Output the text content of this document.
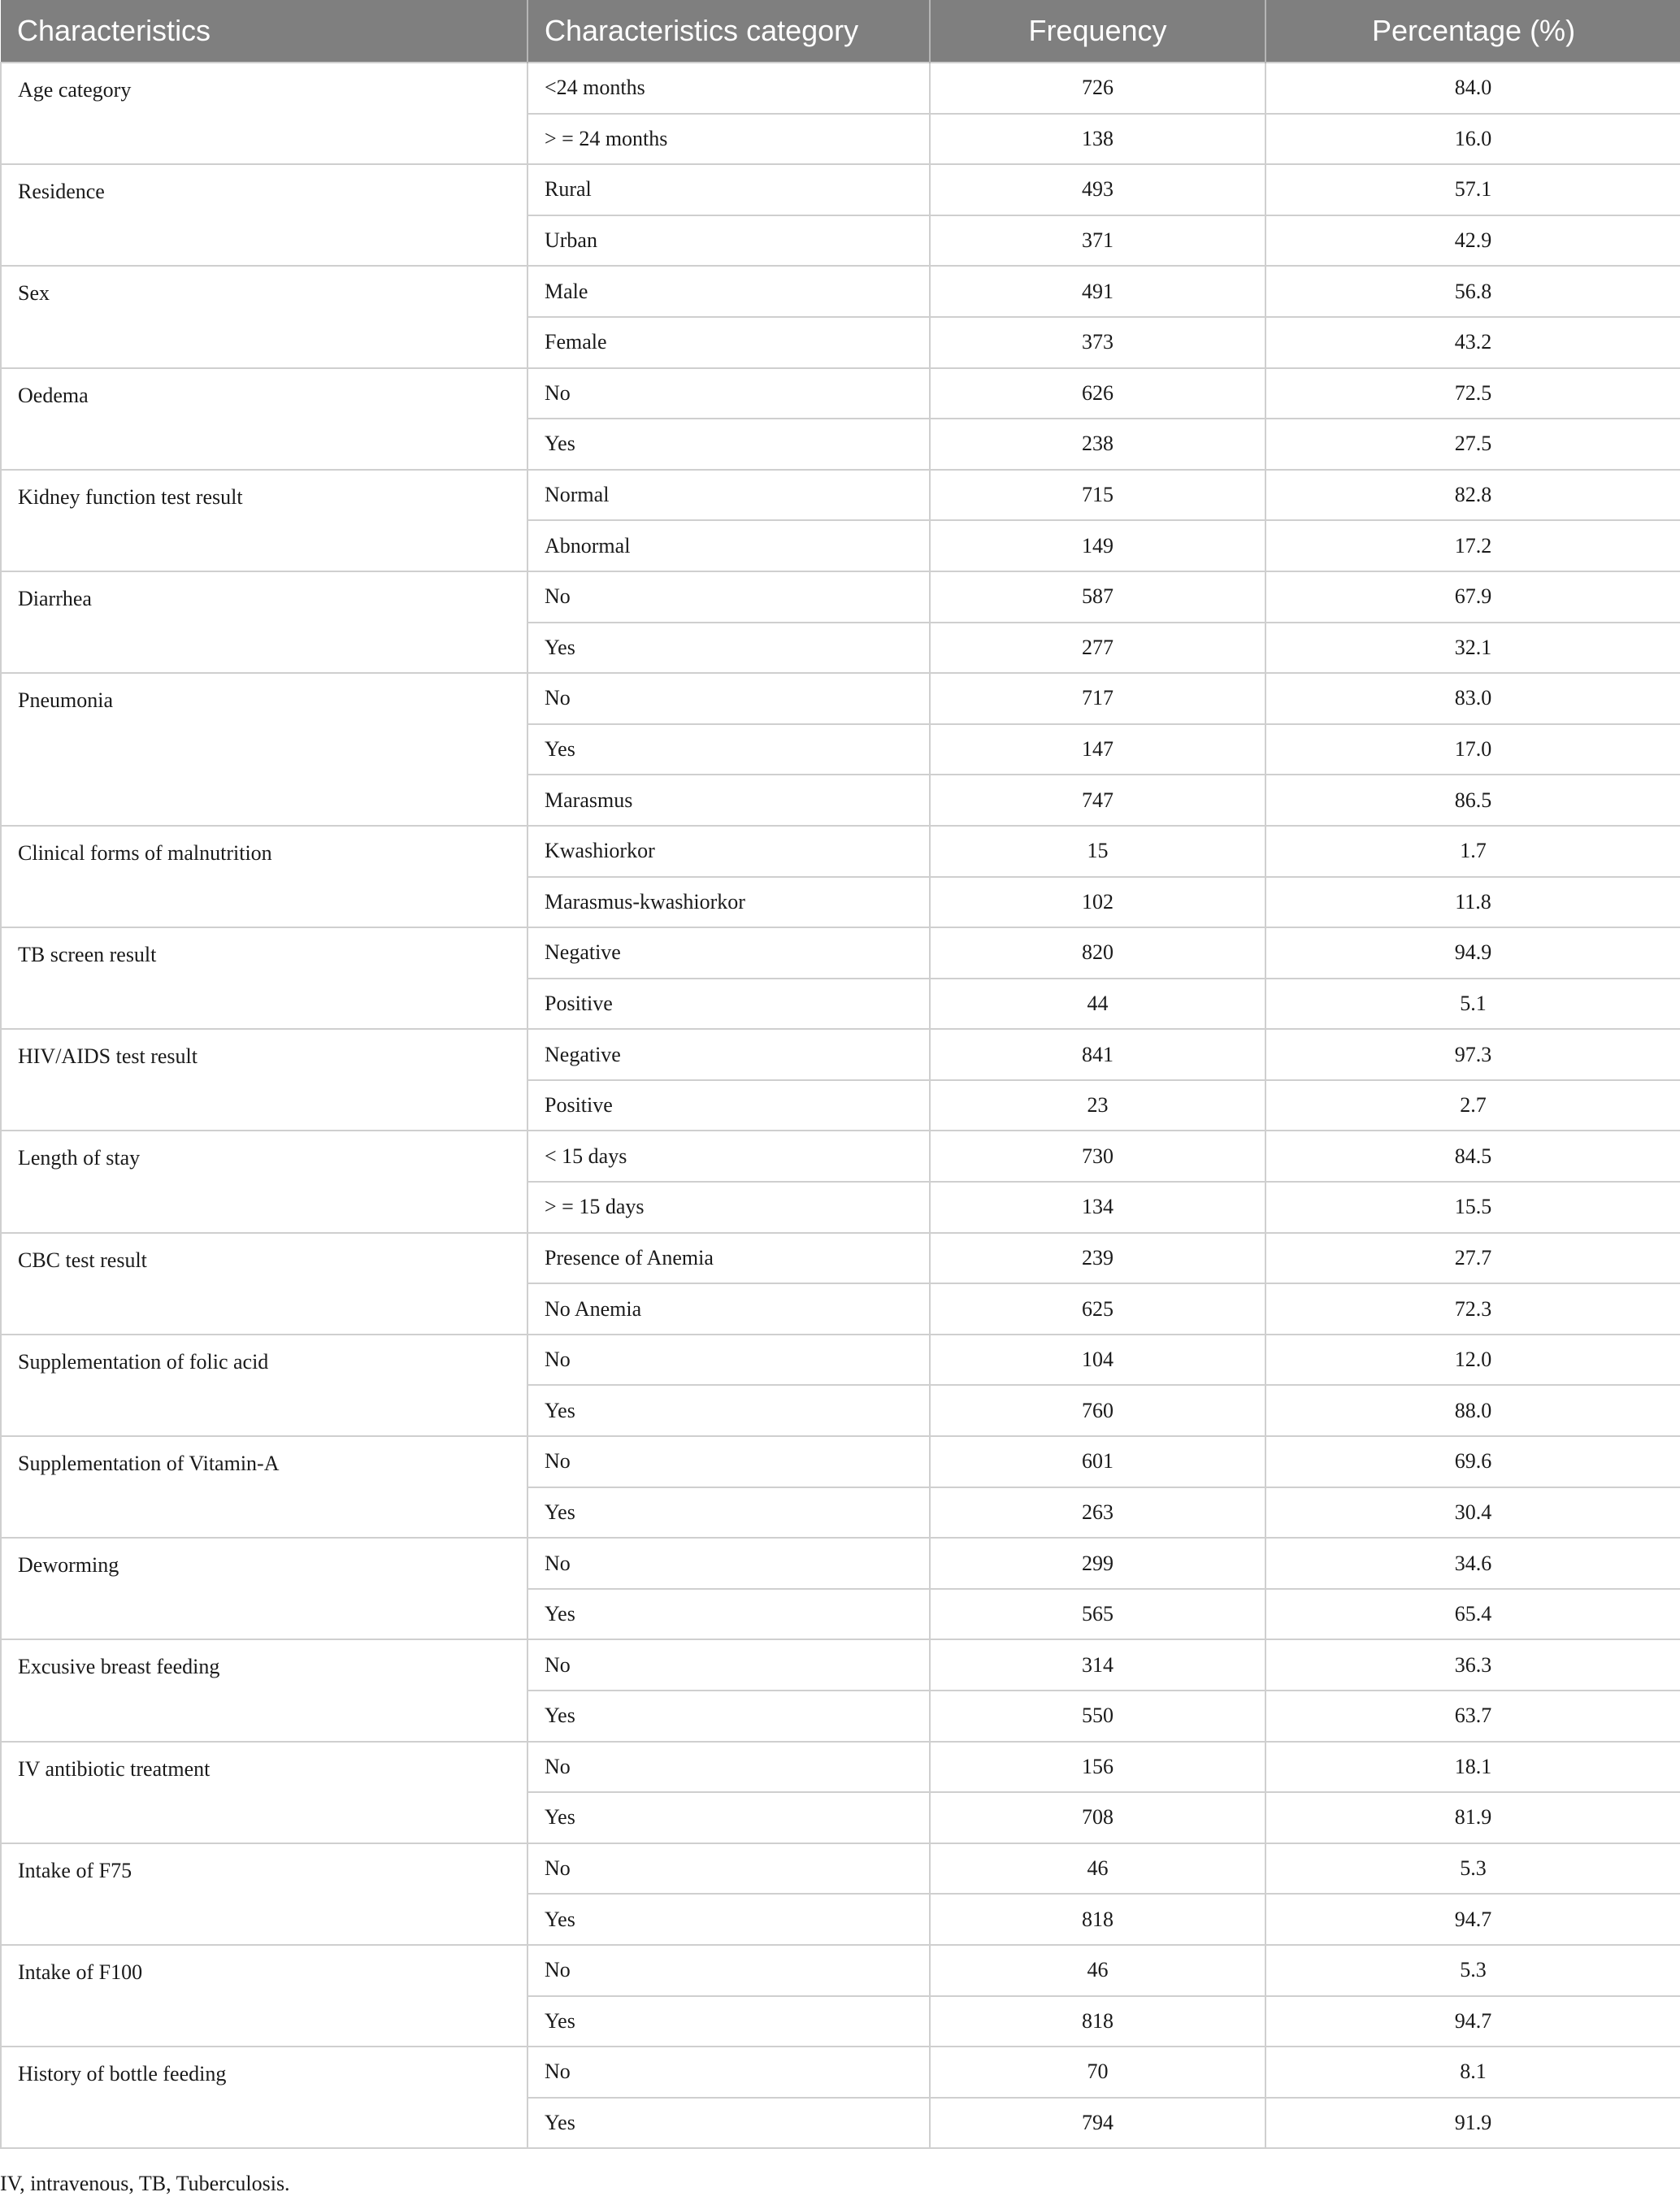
Characteristics	Characteristics category	Frequency	Percentage (%)
Age category	<24 months	726	84.0
	> = 24 months	138	16.0
Residence	Rural	493	57.1
	Urban	371	42.9
Sex	Male	491	56.8
	Female	373	43.2
Oedema	No	626	72.5
	Yes	238	27.5
Kidney function test result	Normal	715	82.8
	Abnormal	149	17.2
Diarrhea	No	587	67.9
	Yes	277	32.1
Pneumonia	No	717	83.0
	Yes	147	17.0
	Marasmus	747	86.5
Clinical forms of malnutrition	Kwashiorkor	15	1.7
	Marasmus-kwashiorkor	102	11.8
TB screen result	Negative	820	94.9
	Positive	44	5.1
HIV/AIDS test result	Negative	841	97.3
	Positive	23	2.7
Length of stay	< 15 days	730	84.5
	> = 15 days	134	15.5
CBC test result	Presence of Anemia	239	27.7
	No Anemia	625	72.3
Supplementation of folic acid	No	104	12.0
	Yes	760	88.0
Supplementation of Vitamin-A	No	601	69.6
	Yes	263	30.4
Deworming	No	299	34.6
	Yes	565	65.4
Excusive breast feeding	No	314	36.3
	Yes	550	63.7
IV antibiotic treatment	No	156	18.1
	Yes	708	81.9
Intake of F75	No	46	5.3
	Yes	818	94.7
Intake of F100	No	46	5.3
	Yes	818	94.7
History of bottle feeding	No	70	8.1
	Yes	794	91.9
IV, intravenous, TB, Tuberculosis.
